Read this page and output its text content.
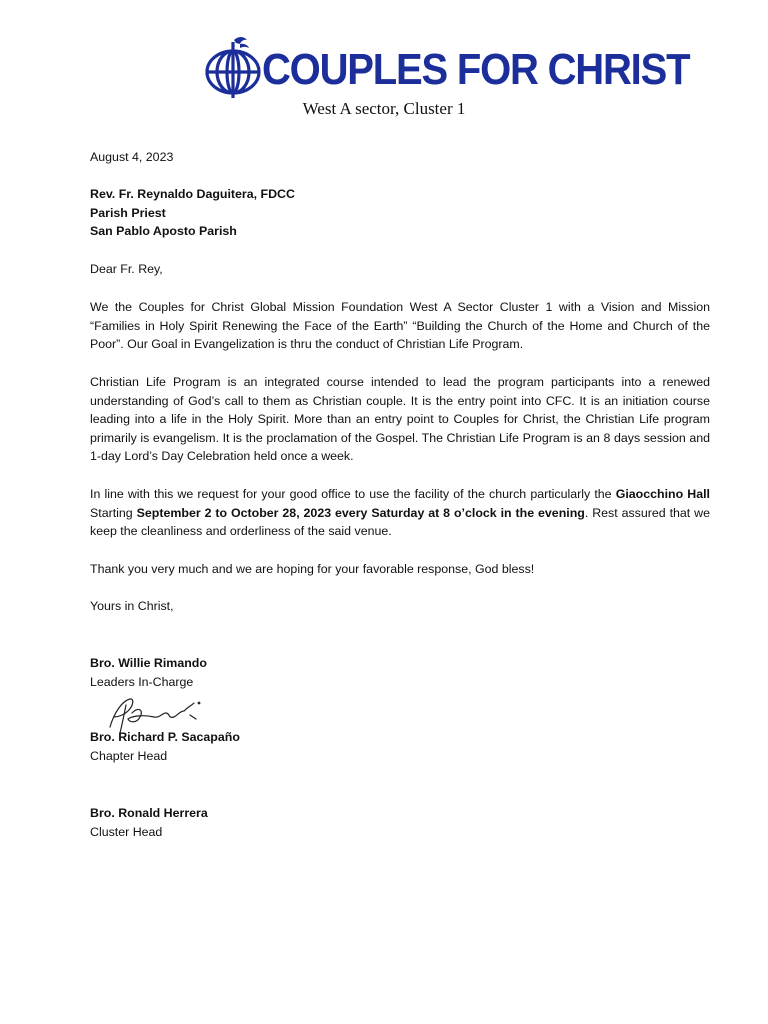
COUPLES FOR CHRIST
West A sector, Cluster 1

August 4, 2023

Rev. Fr. Reynaldo Daguitera, FDCC

Parish Priest

San Pablo Aposto Parish

Dear Fr. Rey,

We the Couples for Christ Global Mission Foundation West A Sector Cluster 1 with a Vision and Mission “Families in Holy Spirit Renewing the Face of the Earth” “Building the Church of the Home and Church of the Poor”. Our Goal in Evangelization is thru the conduct of Christian Life Program.

Christian Life Program is an integrated course intended to lead the program participants into a renewed understanding of God’s call to them as Christian couple. It is the entry point into CFC. It is an initiation course leading into a life in the Holy Spirit. More than an entry point to Couples for Christ, the Christian Life program primarily is evangelism. It is the proclamation of the Gospel. The Christian Life Program is an 8 days session and 1-day Lord’s Day Celebration held once a week.

In line with this we request for your good office to use the facility of the church particularly the Giaocchino Hall Starting September 2 to October 28, 2023 every Saturday at 8 o’clock in the evening. Rest assured that we keep the cleanliness and orderliness of the said venue.

Thank you very much and we are hoping for your favorable response, God bless!

Yours in Christ,

Bro. Willie Rimando

Leaders In-Charge

Bro. Richard P. Sacapaño

Chapter Head

Bro. Ronald Herrera

Cluster Head
